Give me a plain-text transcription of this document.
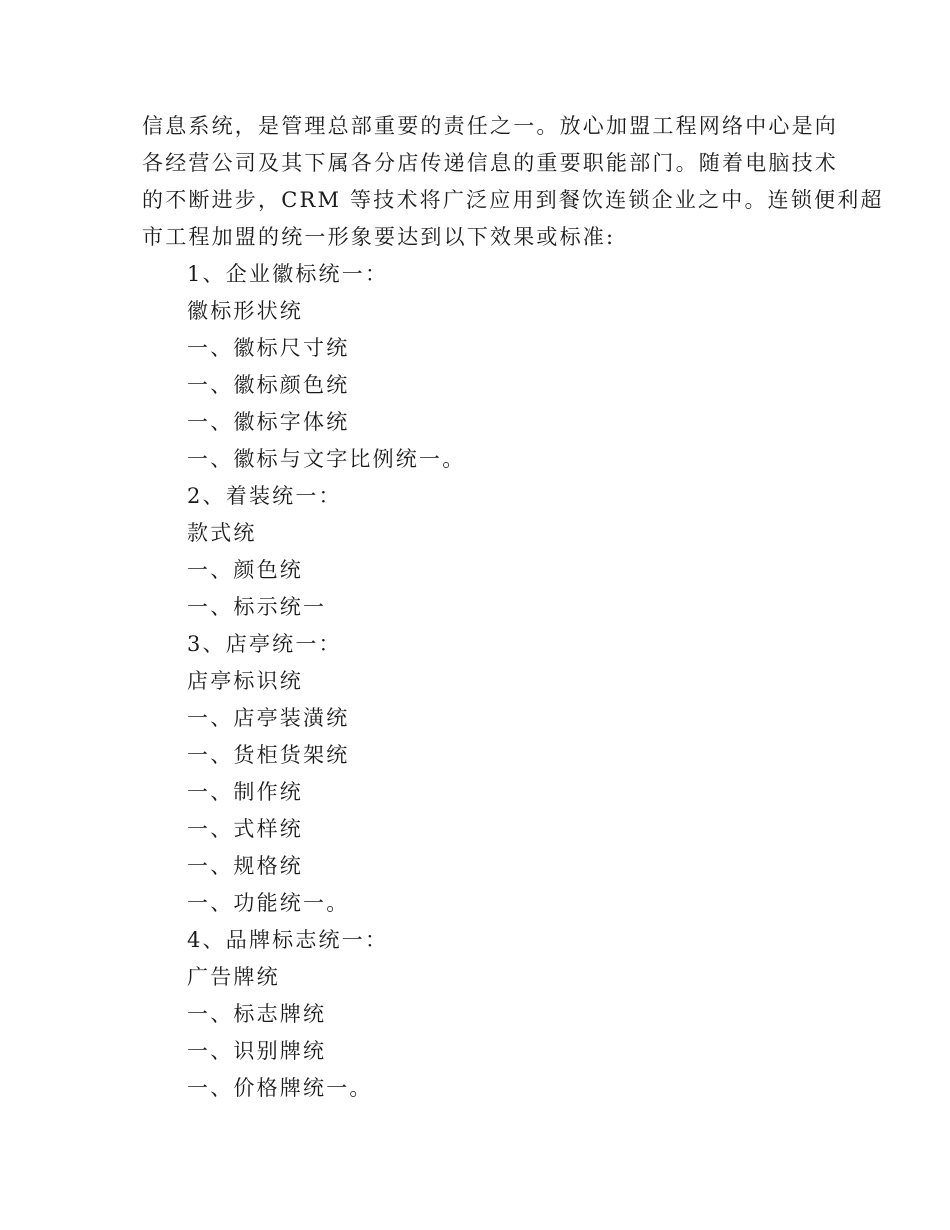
信息系统，是管理总部重要的责任之一。放心加盟工程网络中心是向
各经营公司及其下属各分店传递信息的重要职能部门。随着电脑技术
的不断进步，CRM 等技术将广泛应用到餐饮连锁企业之中。连锁便利超
市工程加盟的统一形象要达到以下效果或标准:
1、企业徽标统一：
徽标形状统
一、徽标尺寸统
一、徽标颜色统
一、徽标字体统
一、徽标与文字比例统一。
2、着装统一：
款式统
一、颜色统
一、标示统一
3、店亭统一：
店亭标识统
一、店亭装潢统
一、货柜货架统
一、制作统
一、式样统
一、规格统
一、功能统一。
4、品牌标志统一：
广告牌统
一、标志牌统
一、识别牌统
一、价格牌统一。
